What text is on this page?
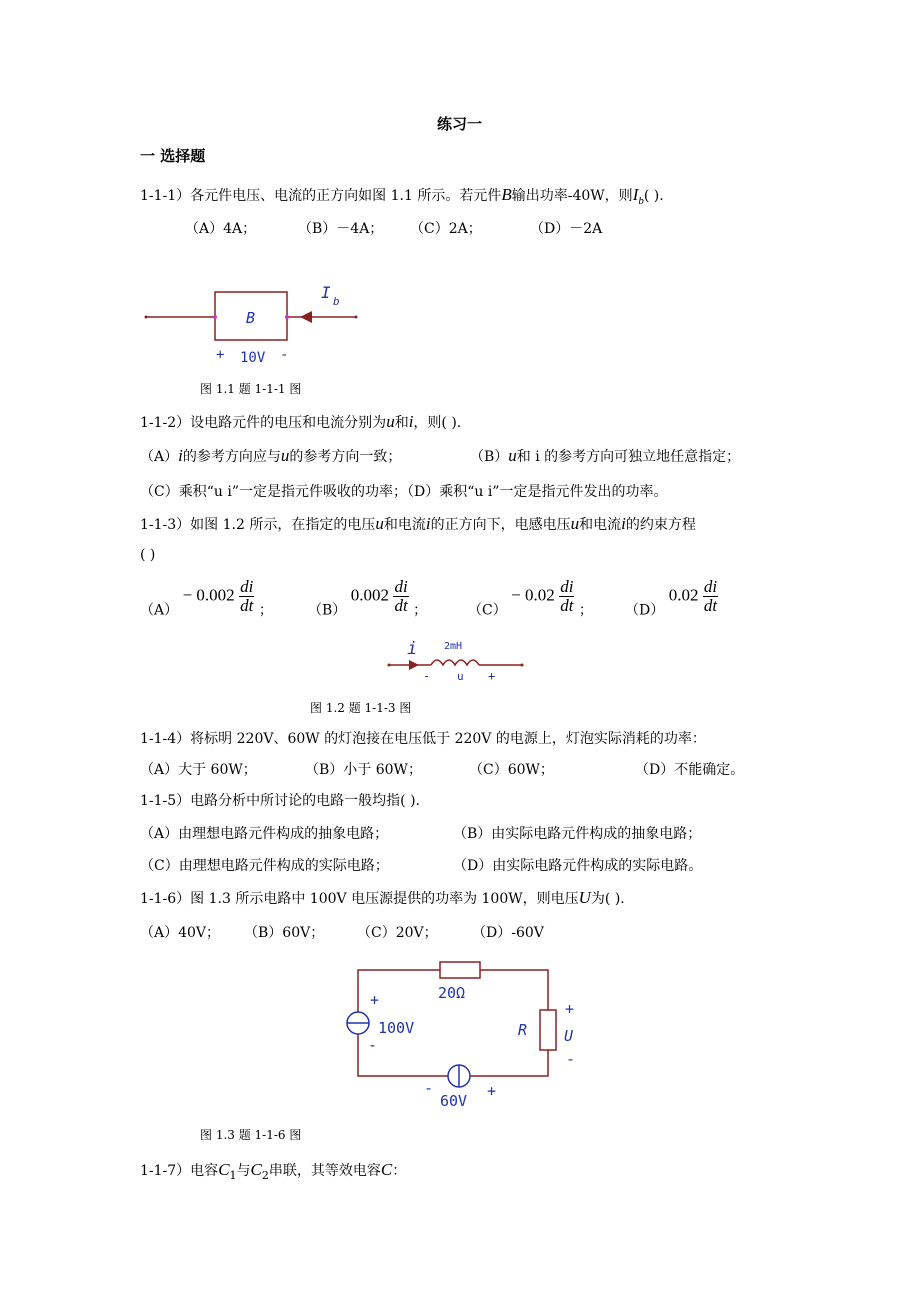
练习一
一 选择题
1-1-1）各元件电压、电流的正方向如图 1.1 所示。若元件B输出功率-40W，则$I_b$( ).
（A）4A；	（B）－4A； （C）2A；	（D）－2A
B
I b
+ 10V -
图 1.1 题 1-1-1 图
1-1-2）设电路元件的电压和电流分别为u和i，则( ).
（A）i的参考方向应与u的参考方向一致；	（B）u和 i 的参考方向可独立地任意指定；
（C）乘积“u i”一定是指元件吸收的功率；（D）乘积“u i”一定是指元件发出的功率。
1-1-3）如图 1.2 所示，在指定的电压u和电流i的正方向下，电感电压u和电流i的约束方程
( )
$(A) - 0.002 \frac{di}{dt}$ ；	（B） $0.002 \frac{di}{dt}$ ；	$(C) - 0.02 \frac{di}{dt}$ ； （D） $0.02 \frac{di}{dt}$
i	2mH
- u +
图 1.2 题 1-1-3 图
1-1-4）将标明 220V、60W 的灯泡接在电压低于 220V 的电源上，灯泡实际消耗的功率：
（A）大于 60W；	（B）小于 60W；	（C）60W；	（D）不能确定。
1-1-5）电路分析中所讨论的电路一般均指( ).
（A）由理想电路元件构成的抽象电路；	（B）由实际电路元件构成的抽象电路；
（C）由理想电路元件构成的实际电路；	（D）由实际电路元件构成的实际电路。
1-1-6）图 1.3 所示电路中 100V 电压源提供的功率为 100W，则电压U为( ).
（A）40V； （B）60V； （C）20V； （D）-60V
20Ω
+
100V
-
R
+
U
-
-
60V
+
图 1.3 题 1-1-6 图
1-1-7）电容$C_1$与$C_2$串联，其等效电容C：
